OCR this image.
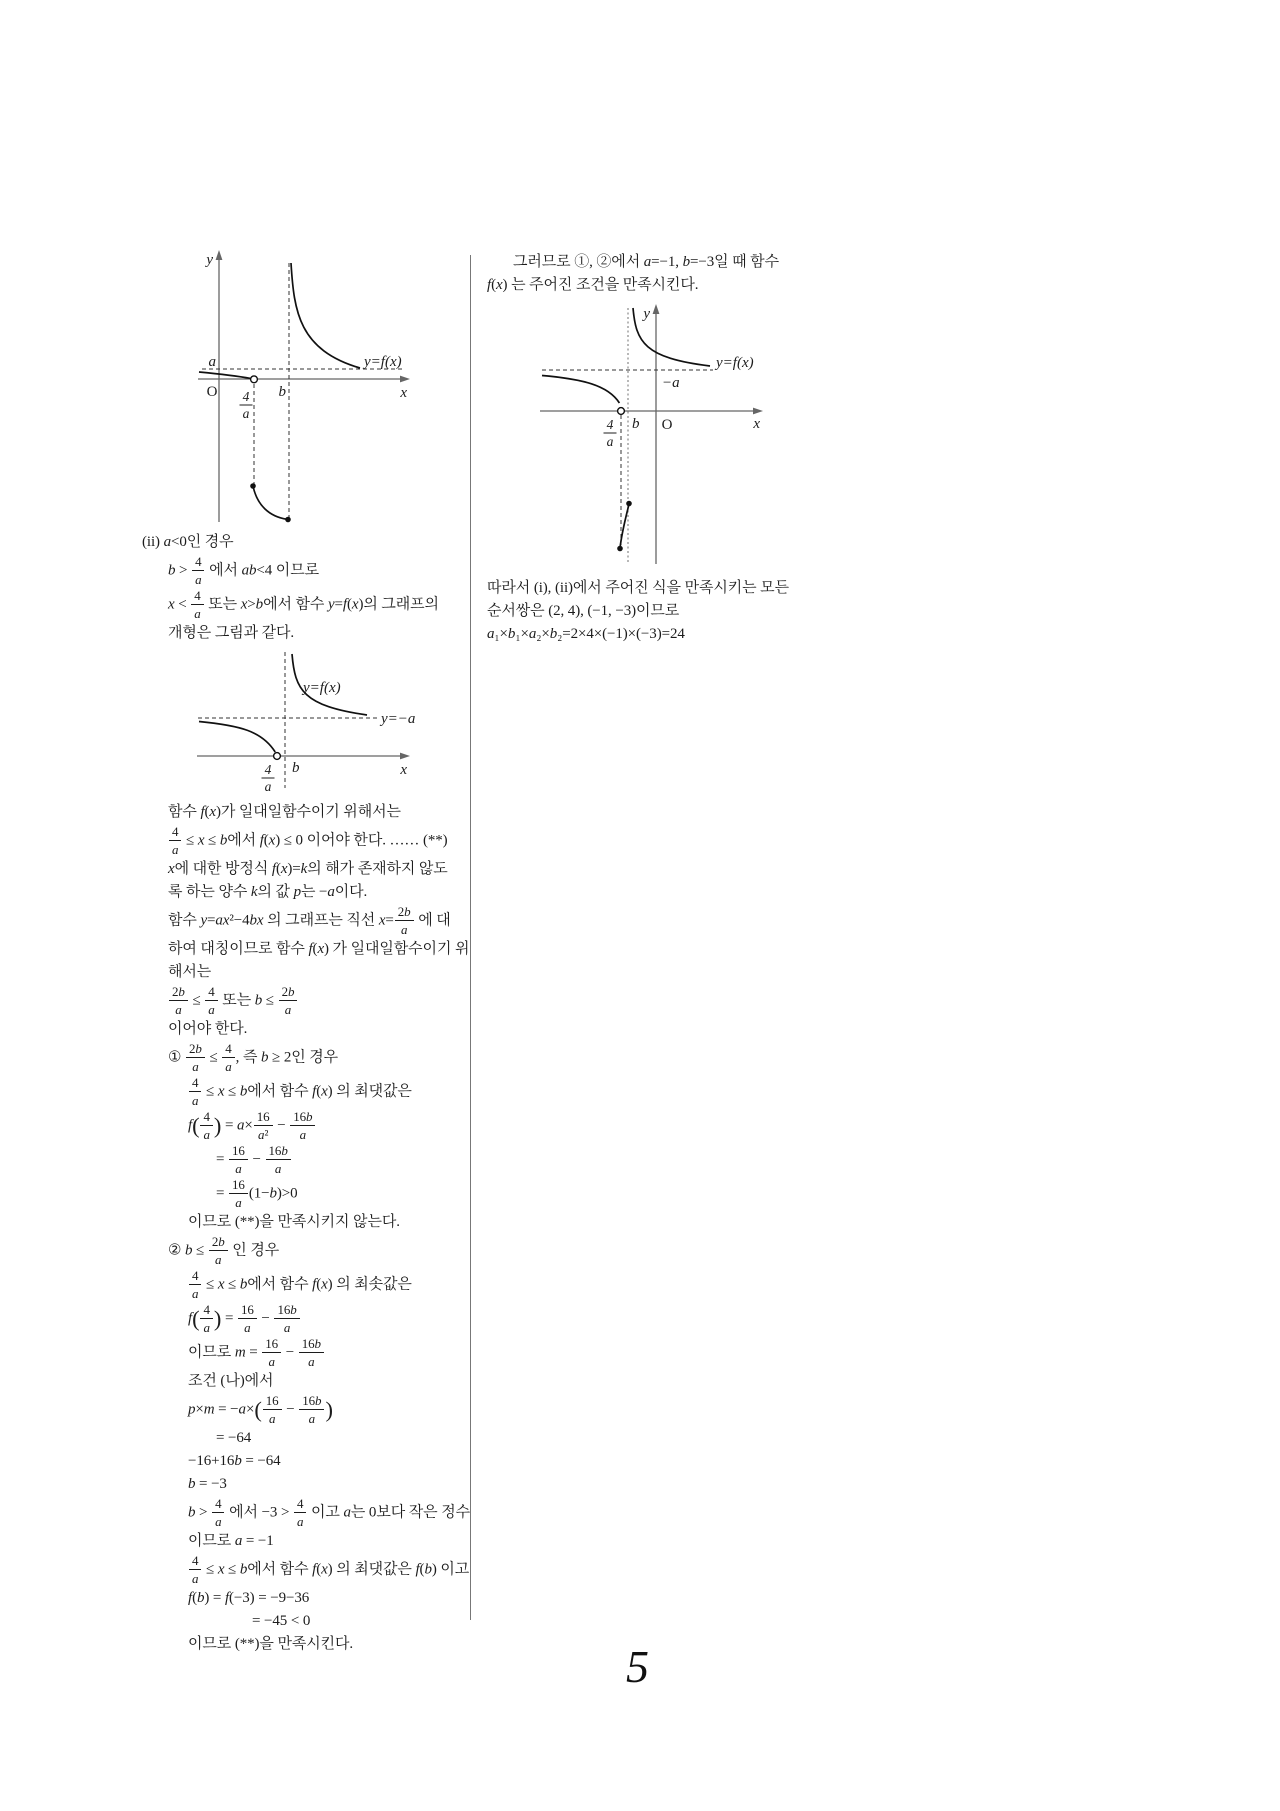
y
x
O
a
b
4
a
y=f(x)
(ii) a<0인 경우
$b > \frac{4}{a}$ 에서 ab<4 이므로
$x < \frac{4}{a}$ 또는 x>b에서 함수 y=f(x)의 그래프의
개형은 그림과 같다.
x
b
4
a
y=−a
y=f(x)
함수 f(x)가 일대일함수이기 위해서는
$\frac{4}{a} \le x \le b$에서 f(x) ≤ 0 이어야 한다. …… (**)
x에 대한 방정식 f(x)=k의 해가 존재하지 않도
록 하는 양수 k의 값 p는 −a이다.
함수 y=ax²−4bx 의 그래프는 직선 $x= \frac{2b}{a}$ 에 대
하여 대칭이므로 함수 f(x) 가 일대일함수이기 위
해서는
$\frac{2b}{a} \le \frac{4}{a}$ 또는 $b \le \frac{2b}{a}$
이어야 한다.
① $\frac{2b}{a} \le \frac{4}{a}$ , 즉 b ≥ 2인 경우
$\frac{4}{a} \le x \le b$에서 함수 f(x) 의 최댓값은
$f( \frac{4}{a}$ ) = $a\times \frac{16}{\text{a²}} - \frac{16b}{a}$
= $\frac{16}{a} - \frac{16b}{a}$
= $\frac{16}{a} (1-b)>0$
이므로 (**)을 만족시키지 않는다.
② $b \le \frac{2b}{a}$ 인 경우
$\frac{4}{a} \le x \le b$에서 함수 f(x) 의 최솟값은
$f( \frac{4}{a}$ ) = $\frac{16}{a} - \frac{16b}{a}$
이므로 $m = \frac{16}{a} - \frac{16b}{a}$
조건 (나)에서
$p\times m = -a\times( \frac{16}{a} - \frac{16b}{a}$ )
= −64
−16+16b = −64
b = −3
$b > \frac{4}{a}$ 에서 $-3 > \frac{4}{a}$ 이고 a는 0보다 작은 정수
이므로 a = −1
$\frac{4}{a} \le x \le b$에서 함수 f(x) 의 최댓값은 f(b) 이고
f(b) = f(−3) = −9−36
= −45 < 0
이므로 (**)을 만족시킨다.
그러므로 ①, ②에서 a=−1, b=−3일 때 함수
f(x) 는 주어진 조건을 만족시킨다.
y
x
O
−a
b
4
a
y=f(x)
따라서 (i), (ii)에서 주어진 식을 만족시키는 모든
순서쌍은 (2, 4), (−1, −3)이므로
a₁×b₁×a₂×b₂=2×4×(−1)×(−3)=24
5
